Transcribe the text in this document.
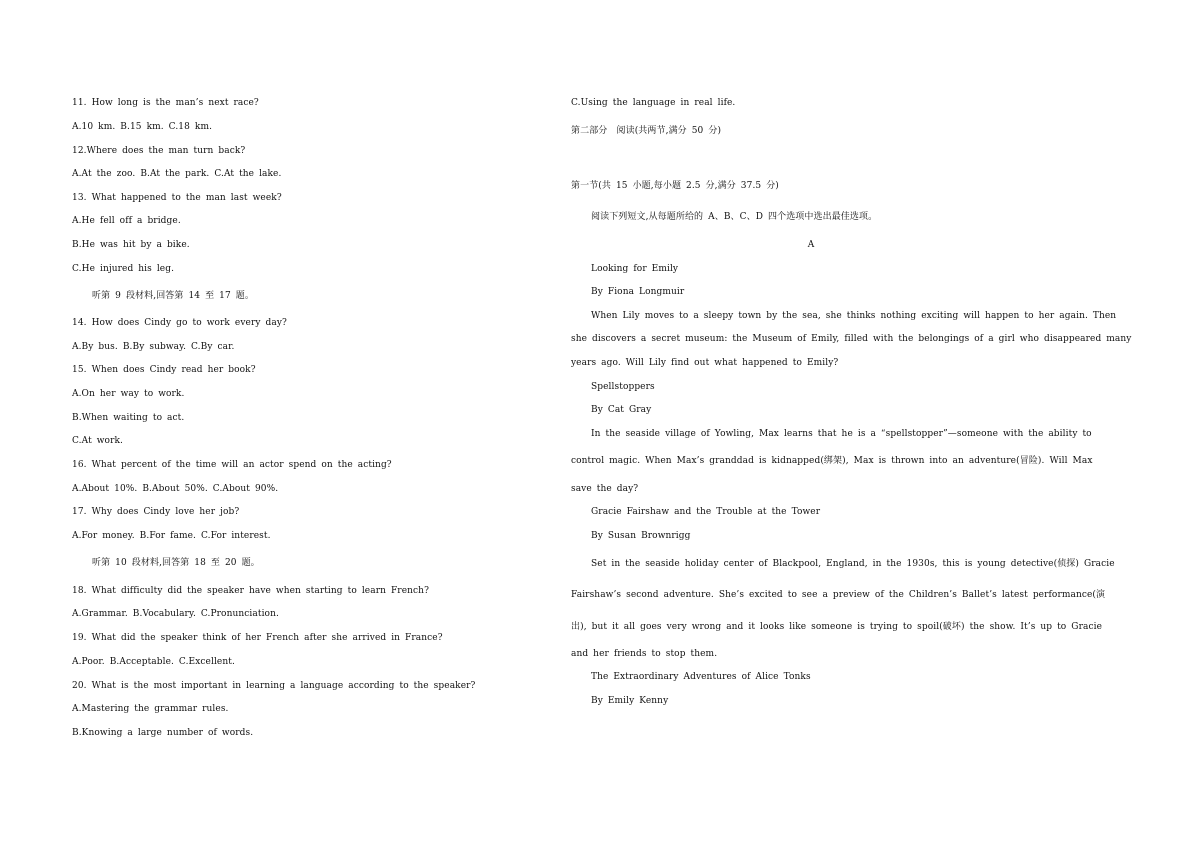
11. How long is the man’s next race?
A.10 km. B.15 km. C.18 km.
12.Where does the man turn back?
A.At the zoo. B.At the park. C.At the lake.
13. What happened to the man last week?
A.He fell off a bridge.
B.He was hit by a bike.
C.He injured his leg.
听第 9 段材料,回答第 14 至 17 题。
14. How does Cindy go to work every day?
A.By bus. B.By subway. C.By car.
15. When does Cindy read her book?
A.On her way to work.
B.When waiting to act.
C.At work.
16. What percent of the time will an actor spend on the acting?
A.About 10%. B.About 50%. C.About 90%.
17. Why does Cindy love her job?
A.For money. B.For fame. C.For interest.
听第 10 段材料,回答第 18 至 20 题。
18. What difficulty did the speaker have when starting to learn French?
A.Grammar. B.Vocabulary. C.Pronunciation.
19. What did the speaker think of her French after she arrived in France?
A.Poor. B.Acceptable. C.Excellent.
20. What is the most important in learning a language according to the speaker?
A.Mastering the grammar rules.
B.Knowing a large number of words.
C.Using the language in real life.
第二部分　阅读(共两节,满分 50 分)
第一节(共 15 小题,每小题 2.5 分,满分 37.5 分)
阅读下列短文,从每题所给的 A、B、C、D 四个选项中选出最佳选项。
A
Looking for Emily
By Fiona Longmuir
When Lily moves to a sleepy town by the sea, she thinks nothing exciting will happen to her again. Then
she discovers a secret museum: the Museum of Emily, filled with the belongings of a girl who disappeared many
years ago. Will Lily find out what happened to Emily?
Spellstoppers
By Cat Gray
In the seaside village of Yowling, Max learns that he is a “spellstopper”—someone with the ability to
control magic. When Max’s granddad is kidnapped(绑架), Max is thrown into an adventure(冒险). Will Max
save the day?
Gracie Fairshaw and the Trouble at the Tower
By Susan Brownrigg
Set in the seaside holiday center of Blackpool, England, in the 1930s, this is young detective(侦探) Gracie
Fairshaw’s second adventure. She’s excited to see a preview of the Children’s Ballet’s latest performance(演
出), but it all goes very wrong and it looks like someone is trying to spoil(破坏) the show. It’s up to Gracie
and her friends to stop them.
The Extraordinary Adventures of Alice Tonks
By Emily Kenny
